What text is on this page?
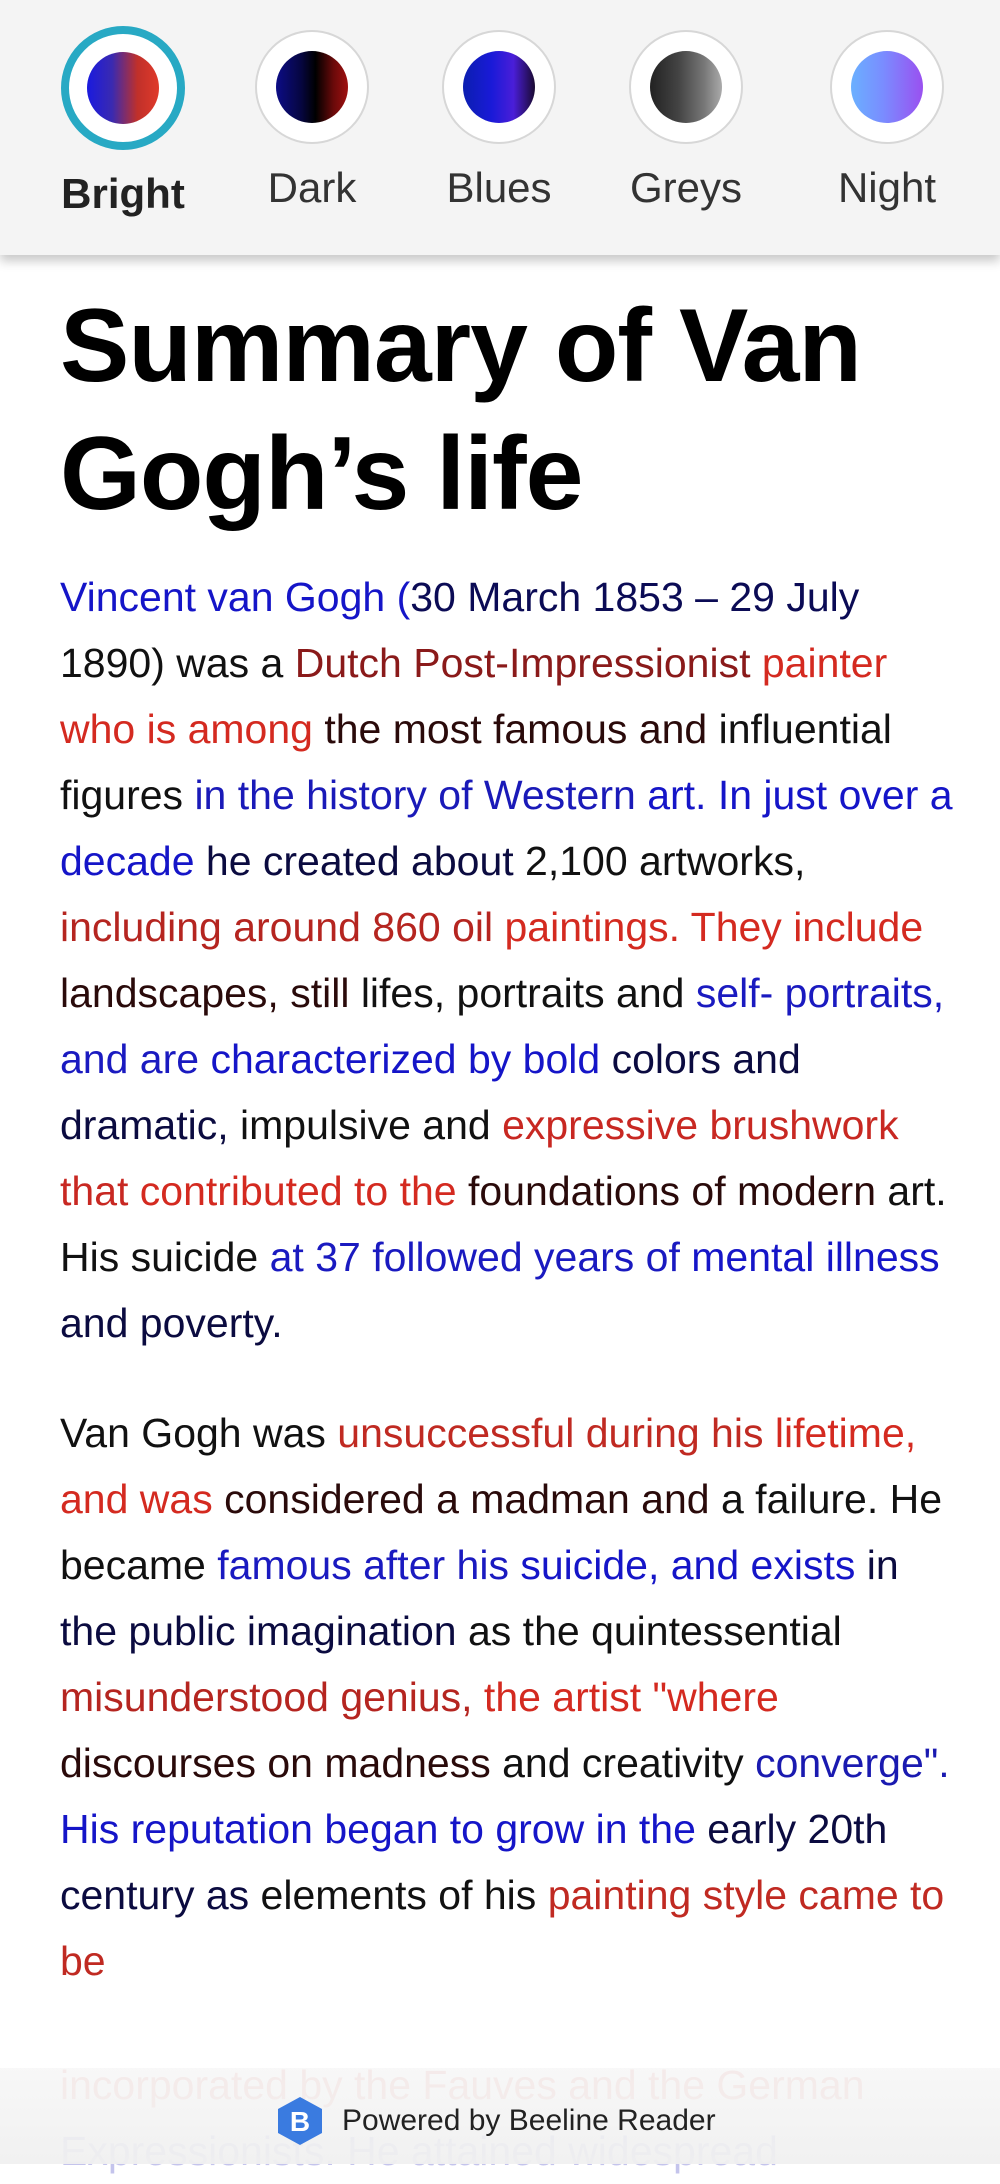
Bright	Dark	Blues	Greys	Night
Summary of Van Gogh’s life

Vincent van Gogh (30 March 1853 – 29 July 1890) was a Dutch Post-Impressionist painter who is among the most famous and influential figures in the history of Western art. In just over a decade he created about 2,100 artworks, including around 860 oil paintings. They include landscapes, still lifes, portraits and self- portraits, and are characterized by bold colors and dramatic, impulsive and expressive brushwork that contributed to the foundations of modern art. His suicide at 37 followed years of mental illness and poverty.

Van Gogh was unsuccessful during his lifetime, and was considered a madman and a failure. He became famous after his suicide, and exists in the public imagination as the quintessential misunderstood genius, the artist "where discourses on madness and creativity converge". His reputation began to grow in the early 20th century as elements of his painting style came to be

B Powered by Beeline Reader
